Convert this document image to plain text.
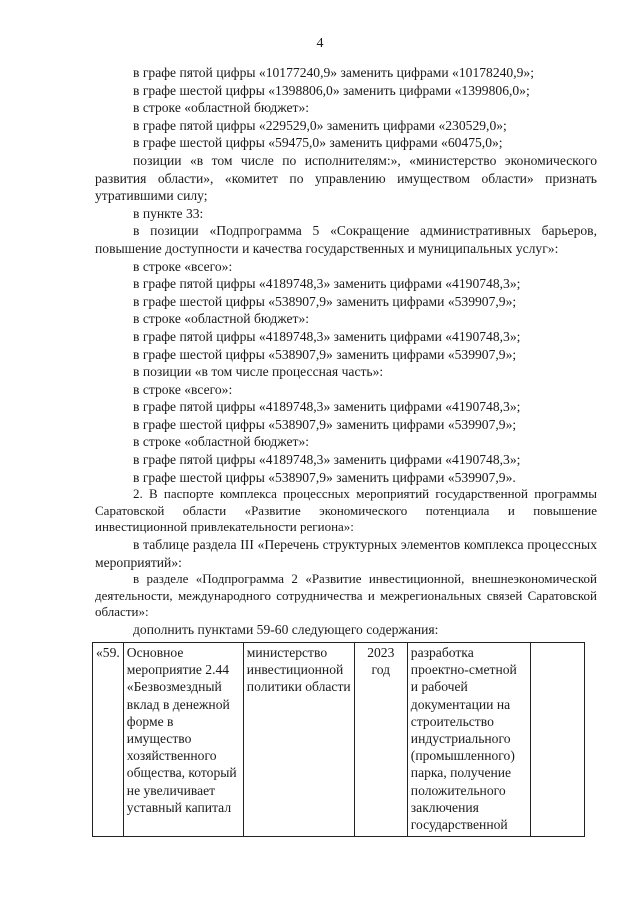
4

в графе пятой цифры «10177240,9» заменить цифрами «10178240,9»;

в графе шестой цифры «1398806,0» заменить цифрами «1399806,0»;

в строке «областной бюджет»:

в графе пятой цифры «229529,0» заменить цифрами «230529,0»;

в графе шестой цифры «59475,0» заменить цифрами «60475,0»;

позиции «в том числе по исполнителям:», «министерство экономического развития области», «комитет по управлению имуществом области» признать утратившими силу;

в пункте 33:

в позиции «Подпрограмма 5 «Сокращение административных барьеров, повышение доступности и качества государственных и муниципальных услуг»:

в строке «всего»:

в графе пятой цифры «4189748,3» заменить цифрами «4190748,3»;

в графе шестой цифры «538907,9» заменить цифрами «539907,9»;

в строке «областной бюджет»:

в графе пятой цифры «4189748,3» заменить цифрами «4190748,3»;

в графе шестой цифры «538907,9» заменить цифрами «539907,9»;

в позиции «в том числе процессная часть»:

в строке «всего»:

в графе пятой цифры «4189748,3» заменить цифрами «4190748,3»;

в графе шестой цифры «538907,9» заменить цифрами «539907,9»;

в строке «областной бюджет»:

в графе пятой цифры «4189748,3» заменить цифрами «4190748,3»;

в графе шестой цифры «538907,9» заменить цифрами «539907,9».

2. В паспорте комплекса процессных мероприятий государственной программы Саратовской области «Развитие экономического потенциала и повышение инвестиционной привлекательности региона»:

в таблице раздела III «Перечень структурных элементов комплекса процессных мероприятий»:

в разделе «Подпрограмма 2 «Развитие инвестиционной, внешнеэкономической деятельности, международного сотрудничества и межрегиональных связей Саратовской области»:

дополнить пунктами 59-60 следующего содержания:

«59.	Основное мероприятие 2.44 «Безвозмездный вклад в денежной форме в имущество хозяйственного общества, который не увеличивает уставный капитал	министерство инвестиционной политики области	2023 год	разработка проектно-сметной и рабочей документации на строительство индустриального (промышленного) парка, получение положительного заключения государственной	
